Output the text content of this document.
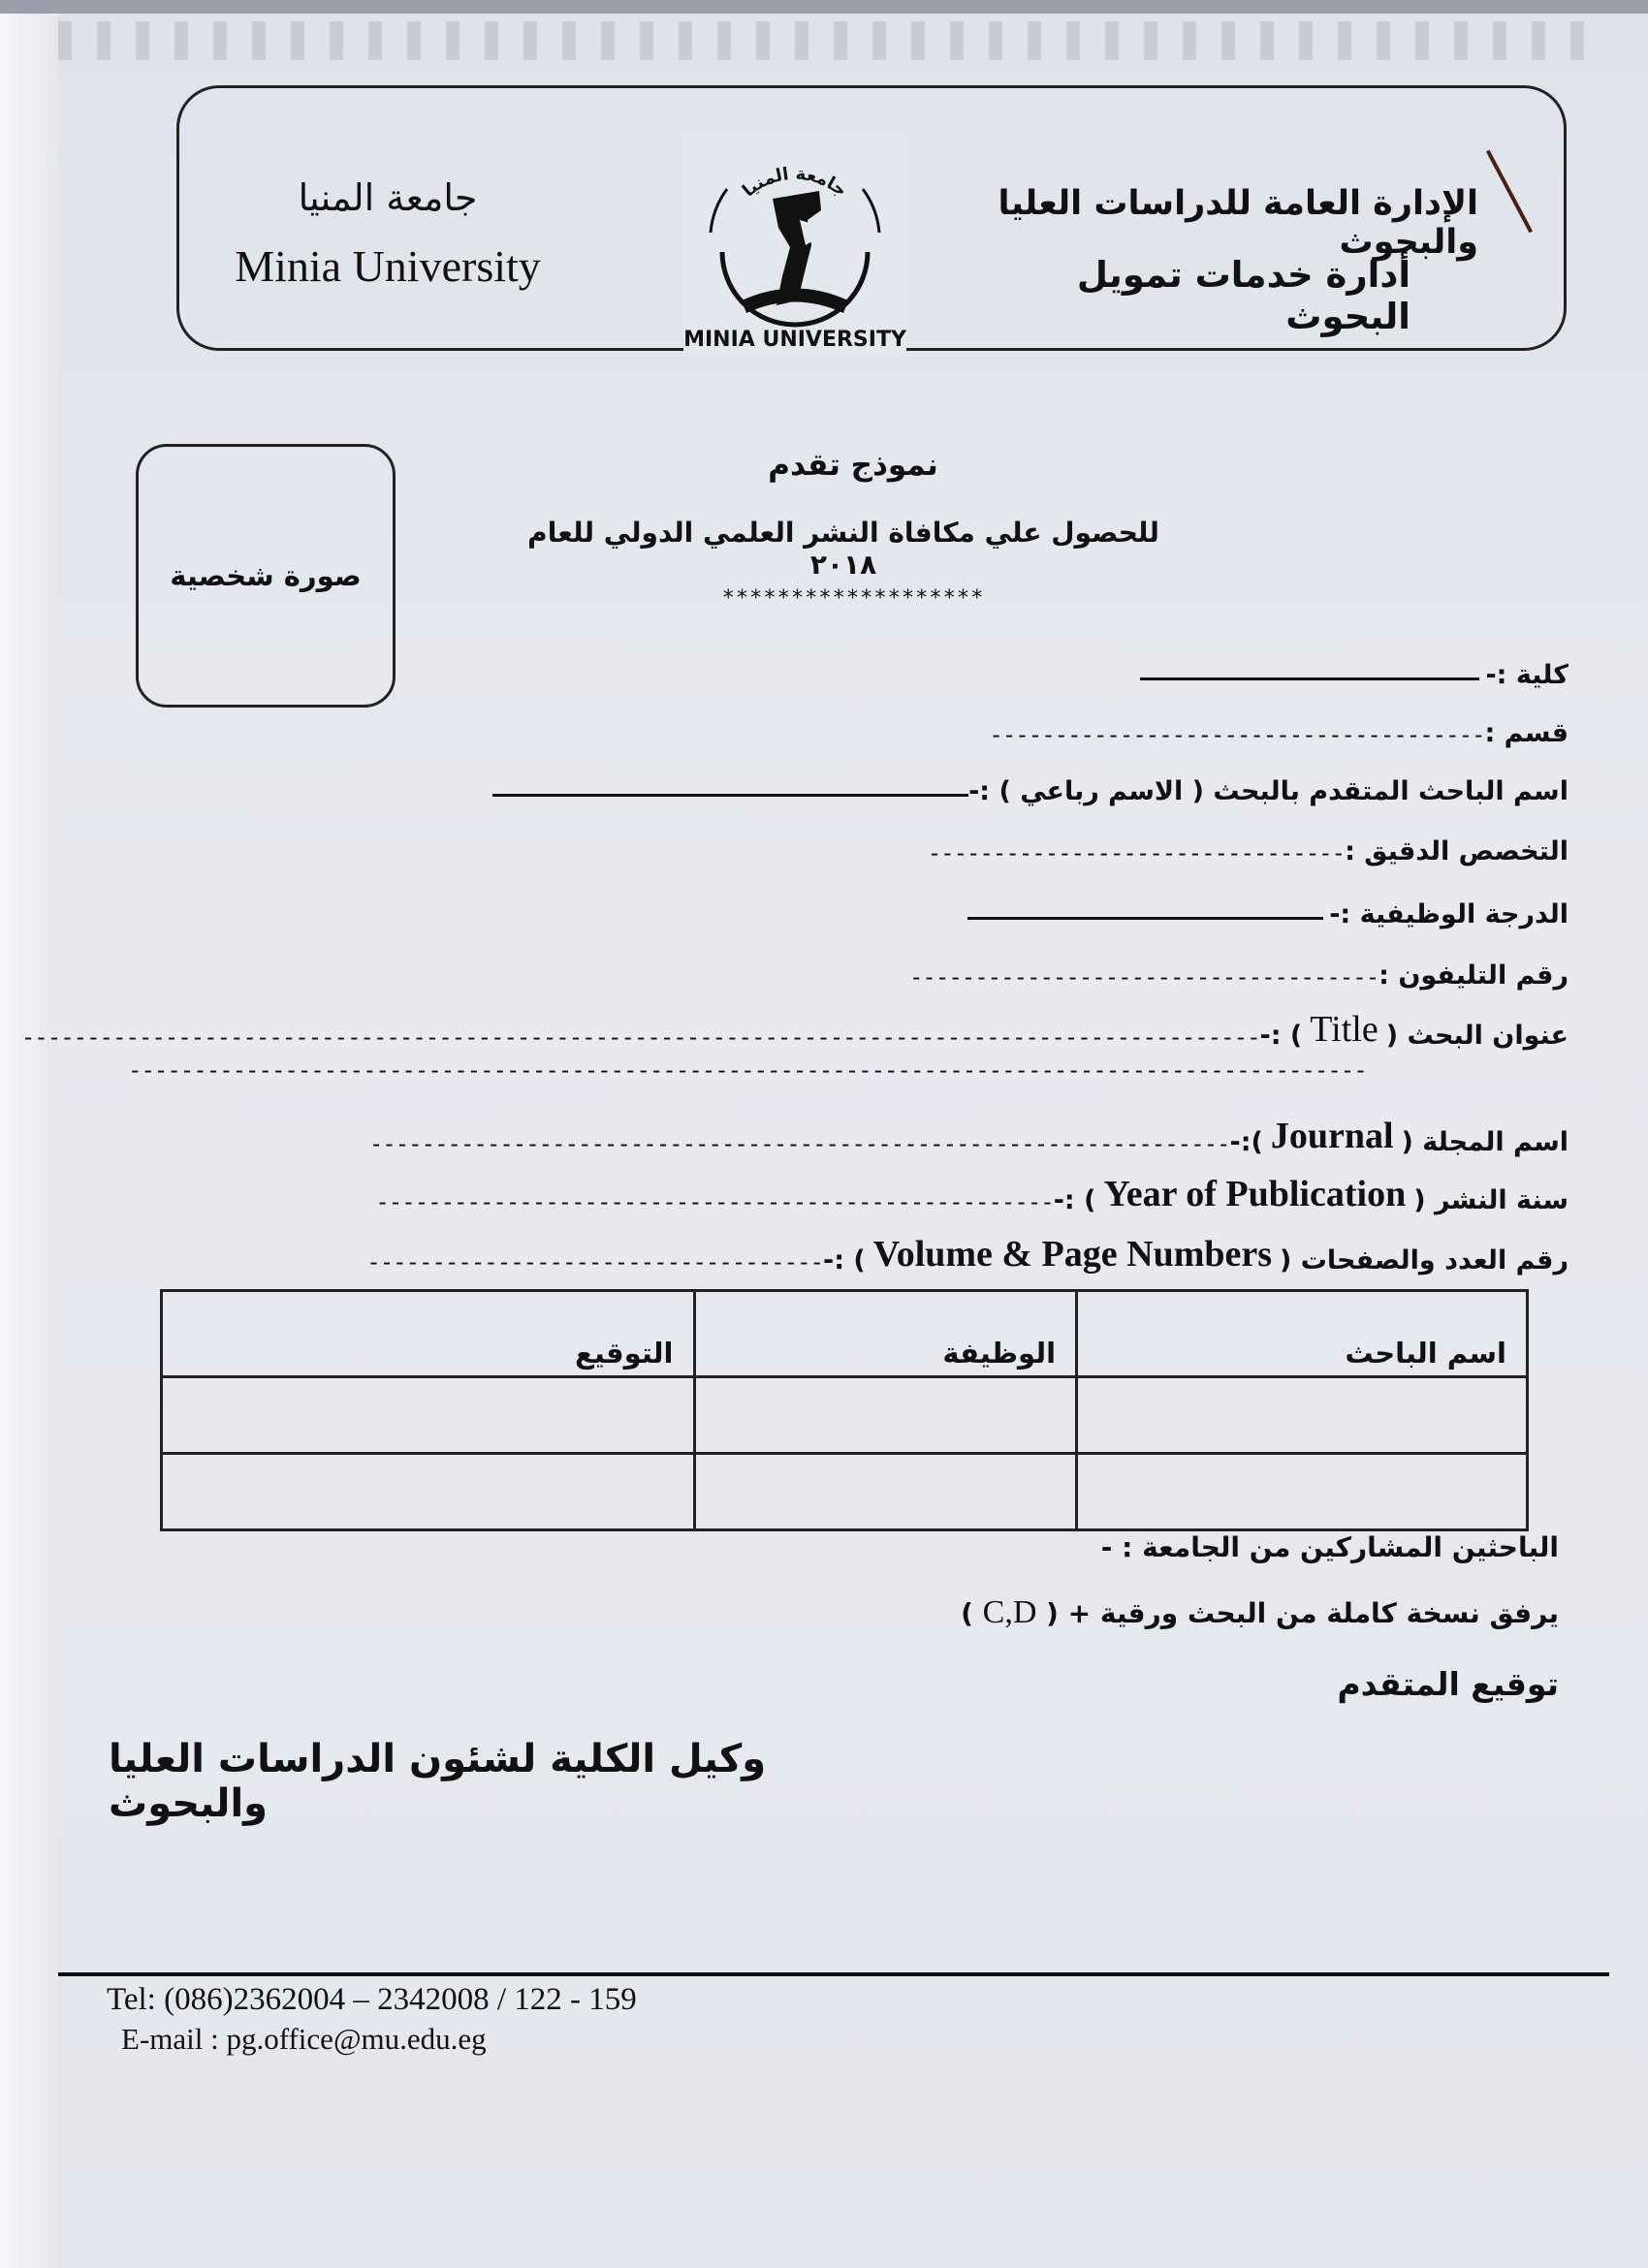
جامعة المنيا
Minia University
جامعة المنيا
MINIA UNIVERSITY
الإدارة العامة للدراسات العليا والبحوث
أدارة خدمات تمويل البحوث
نموذج تقدم
للحصول علي مكافاة النشر العلمي الدولي للعام ٢٠١٨
*******************
صورة شخصية
كلية :-
قسم :
--------------------------------------
اسم الباحث المتقدم بالبحث ( الاسم رباعي ) :-
التخصص الدقيق :
--------------------------------
الدرجة الوظيفية :-
رقم التليفون :
------------------------------------
عنوان البحث (
Title
) :-
-----------------------------------------------------------------------------------------------
-----------------------------------------------------------------------------------------------
اسم المجلة (
Journal
):-
------------------------------------------------------------------
سنة النشر (
Year of Publication
) :-
----------------------------------------------------
رقم العدد والصفحات (
Volume & Page Numbers
) :-
-----------------------------------
اسم الباحث	الوظيفة	التوقيع

الباحثين المشاركين من الجامعة : -
يرفق نسخة كاملة من البحث ورقية + ( C,D )
توقيع المتقدم
وكيل الكلية لشئون الدراسات العليا والبحوث
Tel: (086)2362004 – 2342008 / 122 - 159
E-mail : pg.office@mu.edu.eg
